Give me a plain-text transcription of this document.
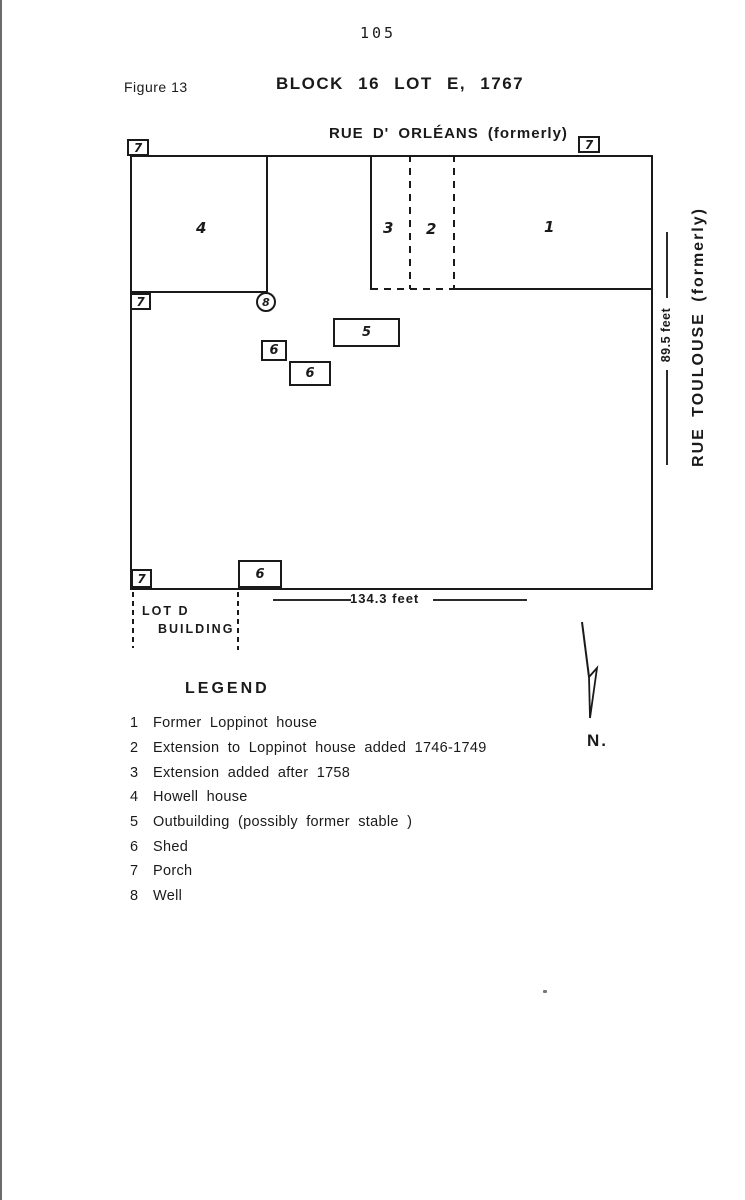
105
Figure 13	BLOCK 16 LOT E, 1767
RUE D' ORLÉANS (formerly)
4	3 2	1
5
6
6
6
7	7
7
7
8
LOT D
BUILDING
134.3 feet
89.5 feet RUE TOULOUSE (formerly)
LEGEND
1	Former Loppinot house
2	Extension to Loppinot house added 1746-1749
3	Extension added after 1758
4	Howell house
5	Outbuilding (possibly former stable )
6	Shed
7	Porch
8	Well
N.
